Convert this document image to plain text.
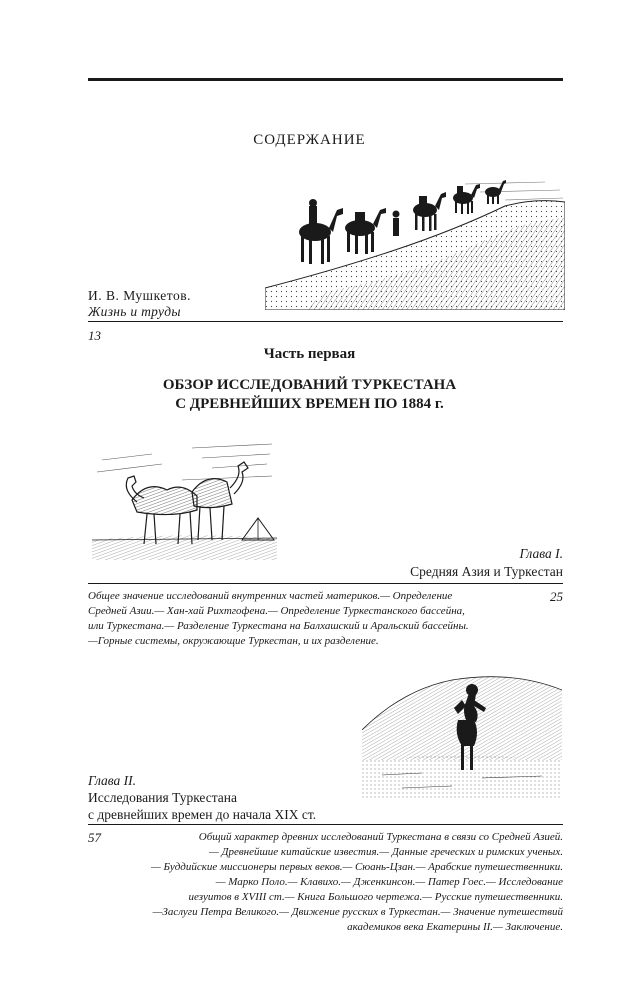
СОДЕРЖАНИЕ
И. В. Мушкетов.
Жизнь и труды
13
Часть первая
ОБЗОР ИССЛЕДОВАНИЙ ТУРКЕСТАНА
С ДРЕВНЕЙШИХ ВРЕМЕН ПО 1884 г.
Глава I.
Средняя Азия и Туркестан
25
Общее значение исследований внутренних частей материков.— Определение
Средней Азии.— Хан-хай Рихтгофена.— Определение Туркестанского бассейна,
или Туркестана.— Разделение Туркестана на Балхашский и Аральский бассейны.
—Горные системы, окружающие Туркестан, и их разделение.
Глава II.
Исследования Туркестана
с древнейших времен до начала XIX ст.
57	Общий характер древних исследований Туркестана в связи со Средней Азией.
— Древнейшие китайские известия.— Данные греческих и римских ученых.
— Буддийские миссионеры первых веков.— Сюань-Цзан.— Арабские путешественники.
— Марко Поло.— Клавихо.— Дженкинсон.— Патер Гоес.— Исследование
иезуитов в XVIII ст.— Книга Большого чертежа.— Русские путешественники.
—Заслуги Петра Великого.— Движение русских в Туркестан.— Значение путешествий
академиков века Екатерины II.— Заключение.
